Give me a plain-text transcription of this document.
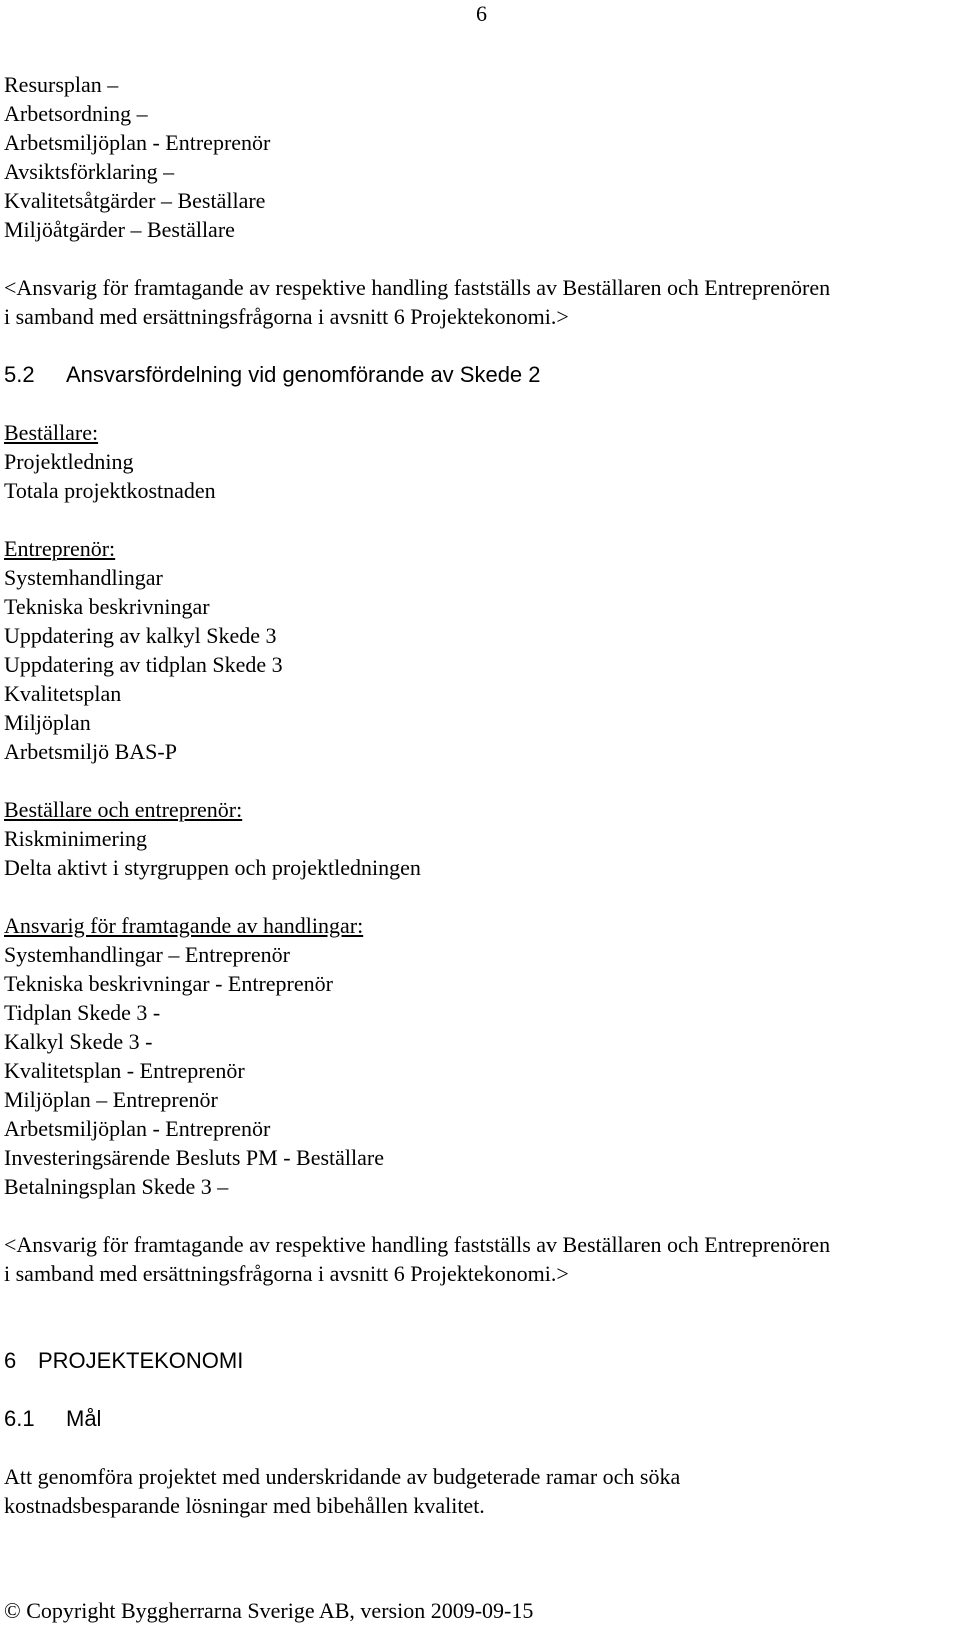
6
Resursplan –
Arbetsordning –
Arbetsmiljöplan - Entreprenör
Avsiktsförklaring –
Kvalitetsåtgärder – Beställare
Miljöåtgärder – Beställare
<Ansvarig för framtagande av respektive handling fastställs av Beställaren och Entreprenören
i samband med ersättningsfrågorna i avsnitt 6 Projektekonomi.>
5.2 Ansvarsfördelning vid genomförande av Skede 2
Beställare:
Projektledning
Totala projektkostnaden
Entreprenör:
Systemhandlingar
Tekniska beskrivningar
Uppdatering av kalkyl Skede 3
Uppdatering av tidplan Skede 3
Kvalitetsplan
Miljöplan
Arbetsmiljö BAS-P
Beställare och entreprenör:
Riskminimering
Delta aktivt i styrgruppen och projektledningen
Ansvarig för framtagande av handlingar:
Systemhandlingar – Entreprenör
Tekniska beskrivningar - Entreprenör
Tidplan Skede 3 -
Kalkyl Skede 3 -
Kvalitetsplan - Entreprenör
Miljöplan – Entreprenör
Arbetsmiljöplan - Entreprenör
Investeringsärende Besluts PM - Beställare
Betalningsplan Skede 3 –
<Ansvarig för framtagande av respektive handling fastställs av Beställaren och Entreprenören
i samband med ersättningsfrågorna i avsnitt 6 Projektekonomi.>
6 PROJEKTEKONOMI
6.1 Mål
Att genomföra projektet med underskridande av budgeterade ramar och söka
kostnadsbesparande lösningar med bibehållen kvalitet.
© Copyright Byggherrarna Sverige AB, version 2009-09-15
